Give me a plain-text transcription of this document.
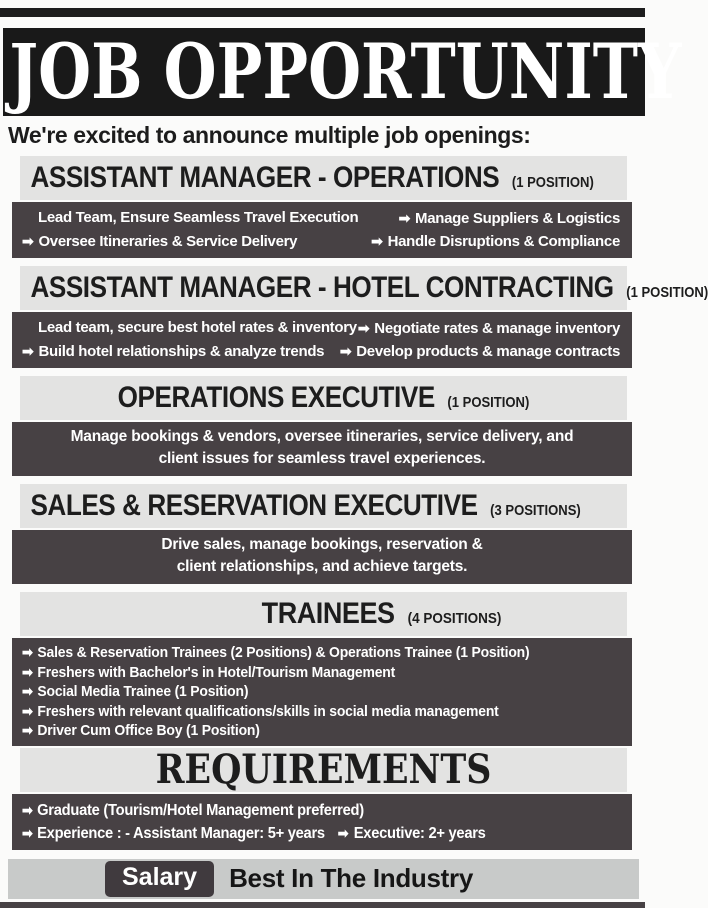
JOB OPPORTUNITY

We're excited to announce multiple job openings:

ASSISTANT MANAGER - OPERATIONS (1 POSITION)
Lead Team, Ensure Seamless Travel Execution	➡ Manage Suppliers & Logistics
➡ Oversee Itineraries & Service Delivery	➡ Handle Disruptions & Compliance
ASSISTANT MANAGER - HOTEL CONTRACTING (1 POSITION)
Lead team, secure best hotel rates & inventory ➡ Negotiate rates & manage inventory
➡ Build hotel relationships & analyze trends ➡ Develop products & manage contracts
OPERATIONS EXECUTIVE (1 POSITION)
Manage bookings & vendors, oversee itineraries, service delivery, and
client issues for seamless travel experiences.
SALES & RESERVATION EXECUTIVE (3 POSITIONS)
Drive sales, manage bookings, reservation &
client relationships, and achieve targets.
TRAINEES (4 POSITIONS)
➡ Sales & Reservation Trainees (2 Positions) & Operations Trainee (1 Position)
➡ Freshers with Bachelor's in Hotel/Tourism Management
➡ Social Media Trainee (1 Position)
➡ Freshers with relevant qualifications/skills in social media management
➡ Driver Cum Office Boy (1 Position)
REQUIREMENTS
➡ Graduate (Tourism/Hotel Management preferred)
➡ Experience : - Assistant Manager: 5+ years ➡ Executive: 2+ years
Salary	Best In The Industry
